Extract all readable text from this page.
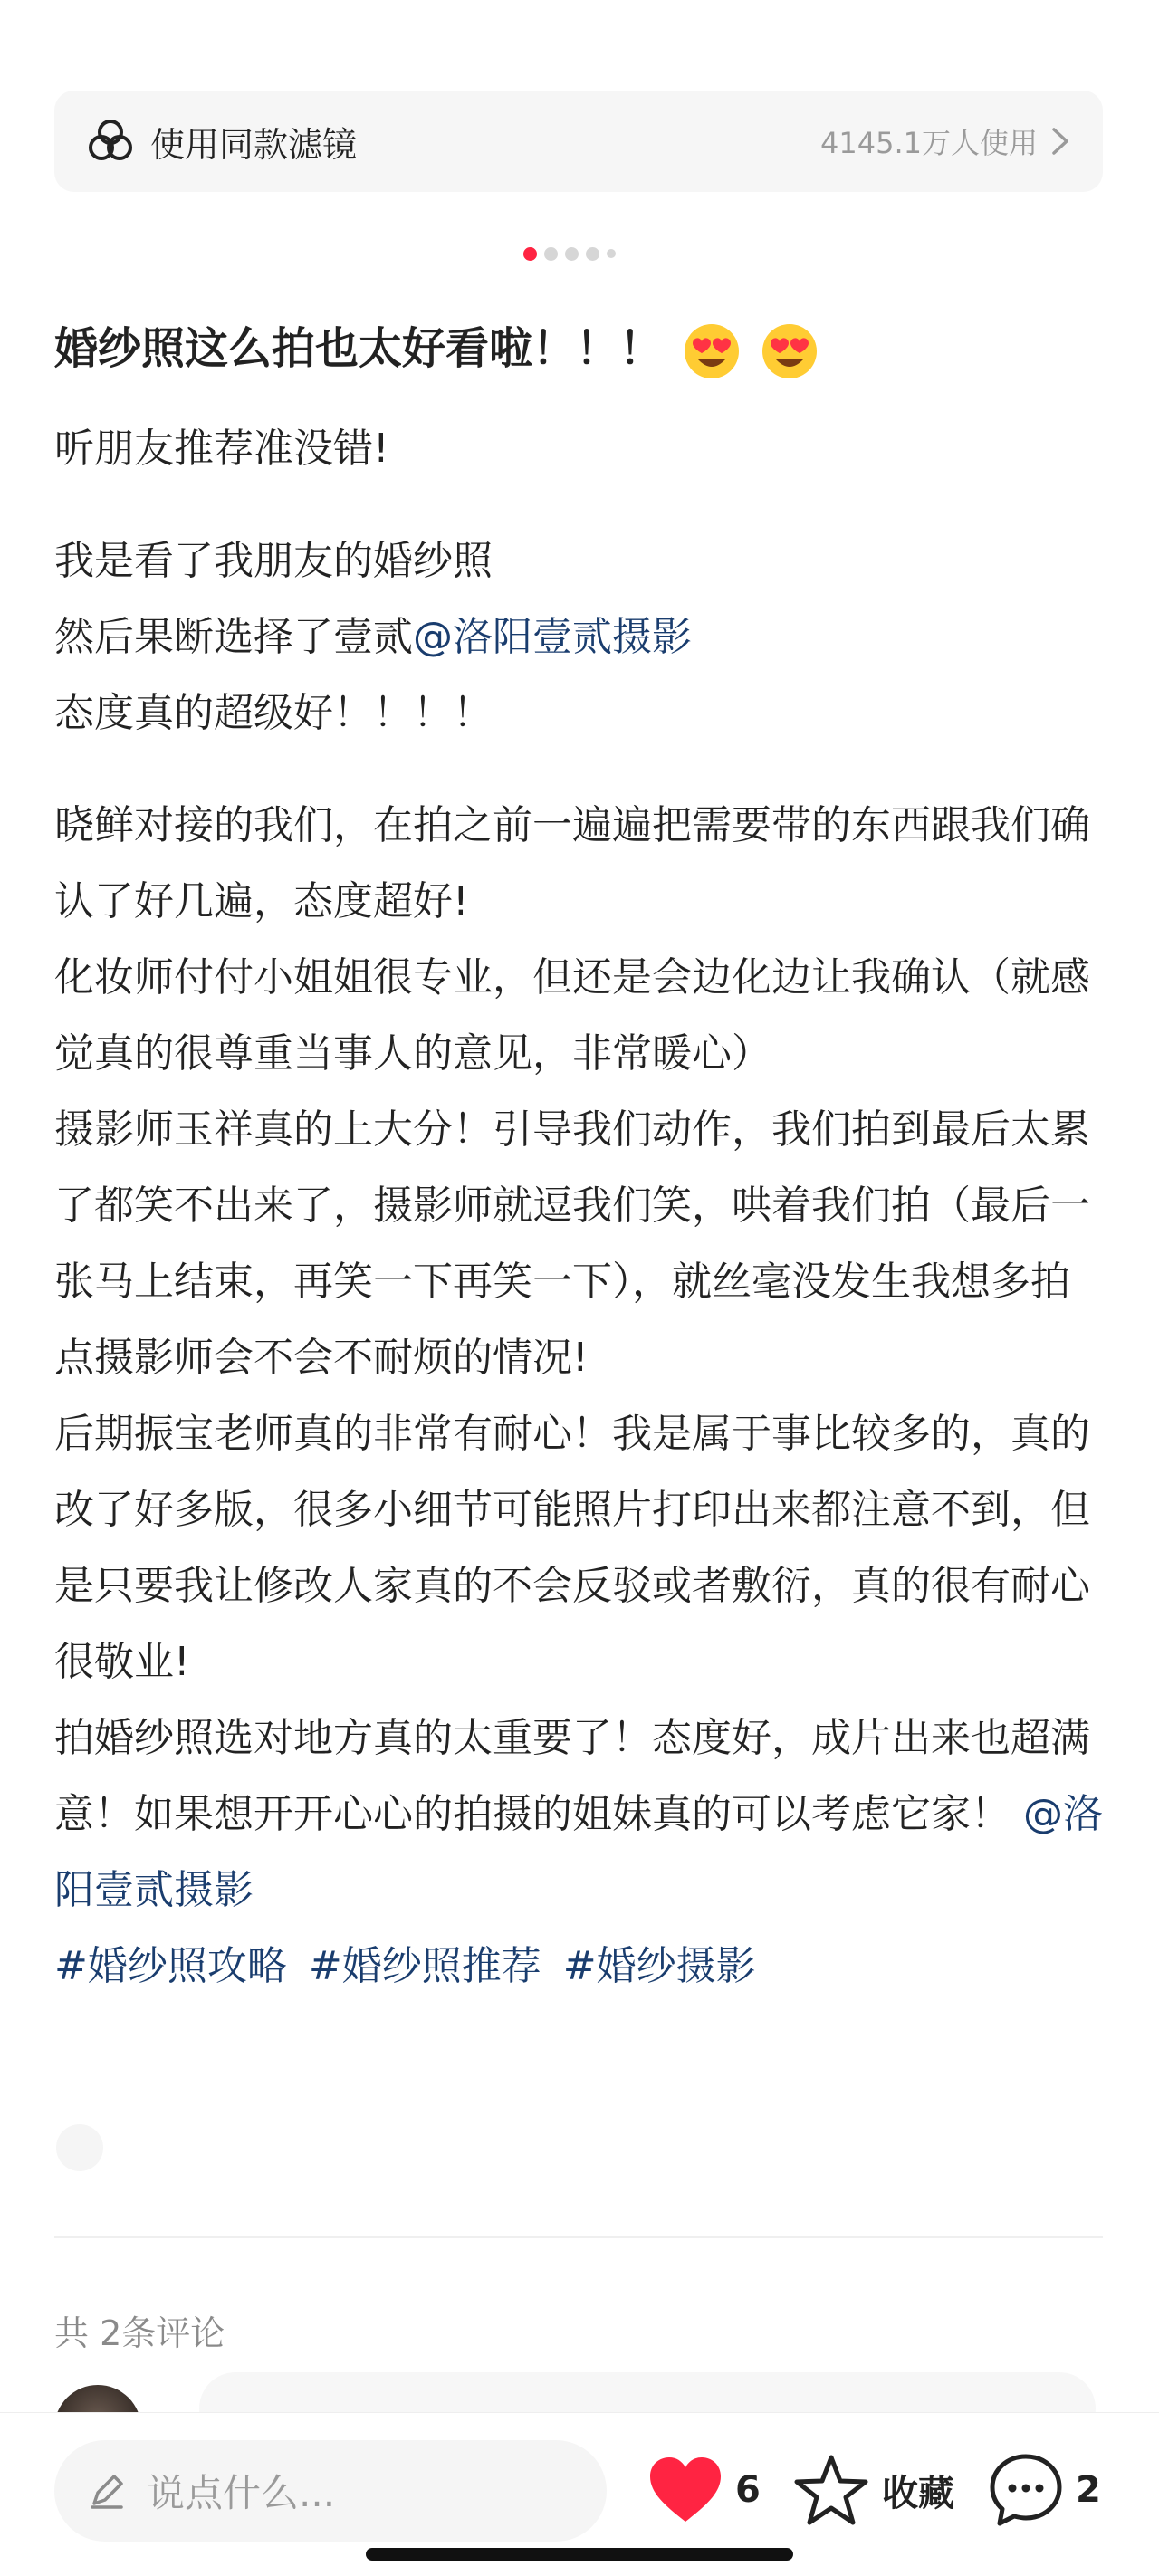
使用同款滤镜	4145.1万人使用
婚纱照这么拍也太好看啦！！！

听朋友推荐准没错!

我是看了我朋友的婚纱照

然后果断选择了壹贰@洛阳壹贰摄影

态度真的超级好！！！！

晓鲜对接的我们，在拍之前一遍遍把需要带的东西跟我们确认了好几遍，态度超好!

化妆师付付小姐姐很专业，但还是会边化边让我确认（就感觉真的很尊重当事人的意见，非常暖心）

摄影师玉祥真的上大分！引导我们动作，我们拍到最后太累了都笑不出来了，摄影师就逗我们笑，哄着我们拍（最后一张马上结束，再笑一下再笑一下），就丝毫没发生我想多拍点摄影师会不会不耐烦的情况!

后期振宝老师真的非常有耐心！我是属于事比较多的，真的改了好多版，很多小细节可能照片打印出来都注意不到，但是只要我让修改人家真的不会反驳或者敷衍，真的很有耐心很敬业!

拍婚纱照选对地方真的太重要了！态度好，成片出来也超满意！如果想开开心心的拍摄的姐妹真的可以考虑它家！ @洛阳壹贰摄影

#婚纱照攻略 #婚纱照推荐 #婚纱摄影

共 2条评论
说点什么...	6	收藏	2
